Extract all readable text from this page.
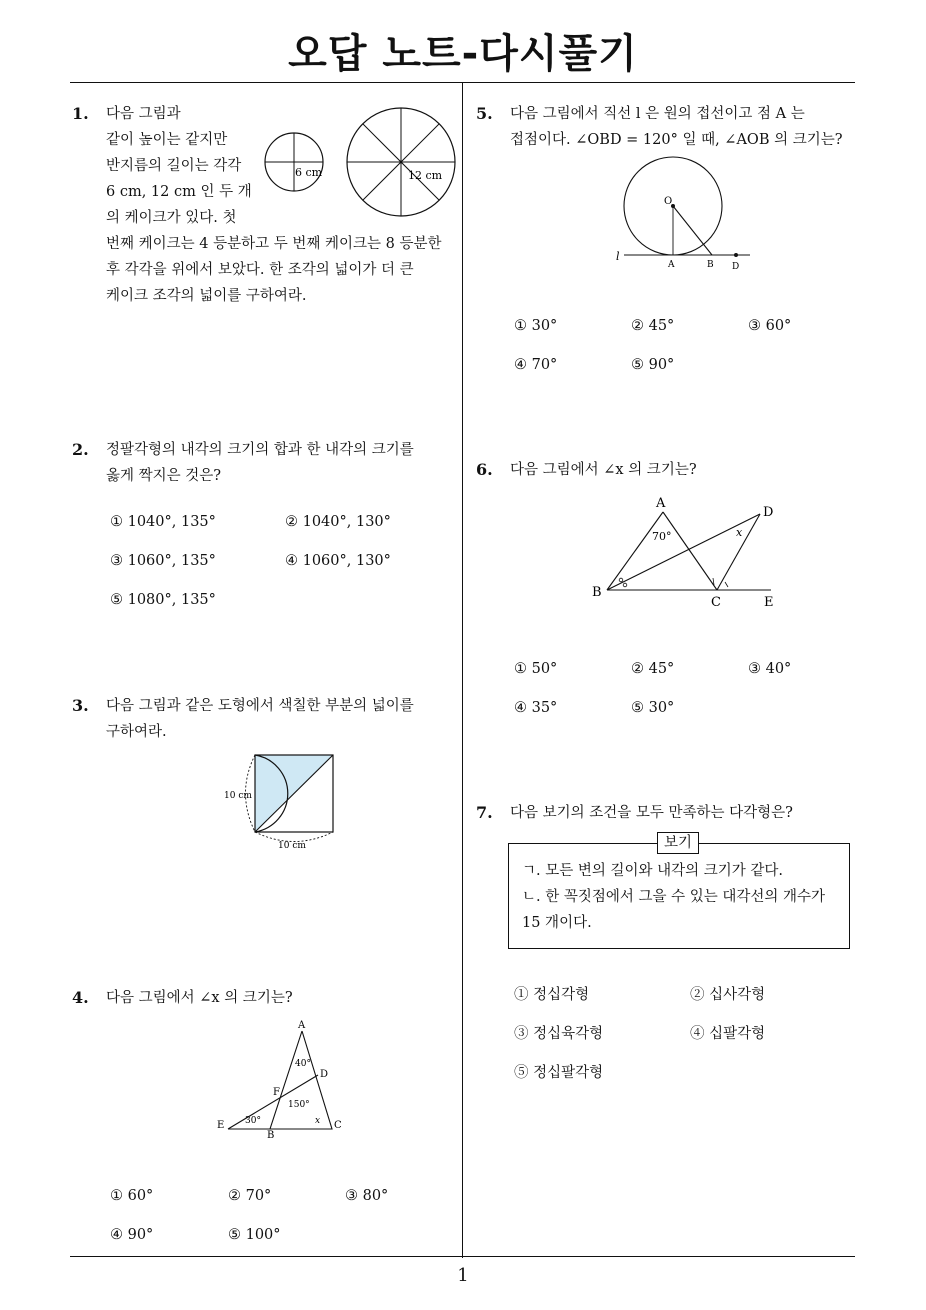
오답 노트-다시풀기
1
1. 다음 그림과
같이 높이는 같지만
반지름의 길이는 각각
6 cm, 12 cm 인 두 개
의 케이크가 있다. 첫
번째 케이크는 4 등분하고 두 번째 케이크는 8 등분한
후 각각을 위에서 보았다. 한 조각의 넓이가 더 큰
케이크 조각의 넓이를 구하여라.
6 cm	12 cm
2. 정팔각형의 내각의 크기의 합과 한 내각의 크기를
옳게 짝지은 것은?
① 1040°, 135°	② 1040°, 130°
③ 1060°, 135°	④ 1060°, 130°
⑤ 1080°, 135°
3. 다음 그림과 같은 도형에서 색칠한 부분의 넓이를
구하여라.
10 cm
10 cm
4. 다음 그림에서 ∠x 의 크기는?
A
D
F
E
B
C
40°
150°
30°	x
① 60°	② 70°	③ 80°
④ 90°	⑤ 100°
5. 다음 그림에서 직선 l 은 원의 접선이고 점 A 는
접점이다. ∠OBD = 120° 일 때, ∠AOB 의 크기는?
O
l
A	B D
① 30°	② 45°	③ 60°
④ 70°	⑤ 90°
6. 다음 그림에서 ∠x 의 크기는?
A
D
B
C	E
70°	x
① 50°	② 45°	③ 40°
④ 35°	⑤ 30°
7. 다음 보기의 조건을 모두 만족하는 다각형은?
보기
ㄱ. 모든 변의 길이와 내각의 크기가 같다.
ㄴ. 한 꼭짓점에서 그을 수 있는 대각선의 개수가
15 개이다.
① 정십각형	② 십사각형
③ 정십육각형	④ 십팔각형
⑤ 정십팔각형
